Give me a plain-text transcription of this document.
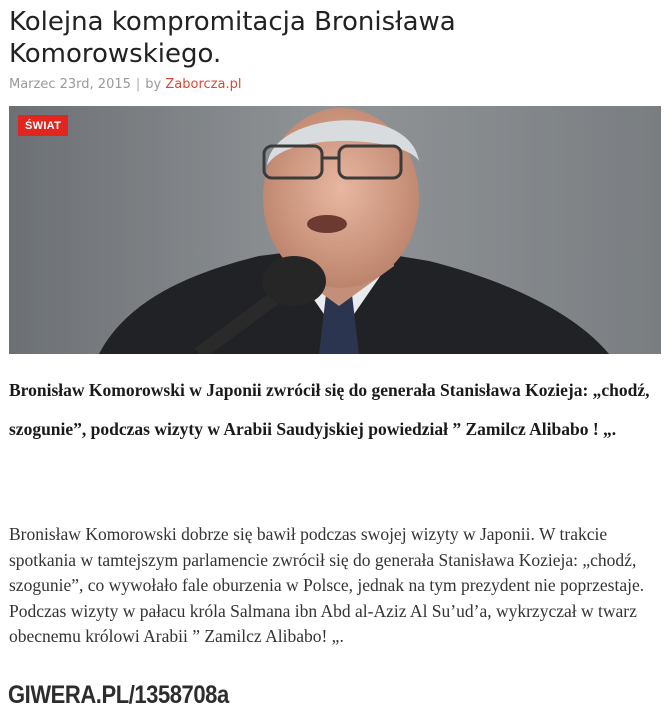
Kolejna kompromitacja Bronisława Komorowskiego.
Marzec 23rd, 2015 | by Zaborcza.pl
ŚWIAT

Bronisław Komorowski w Japonii zwrócił się do generała Stanisława Kozieja: „chodź, szogunie”, podczas wizyty w Arabii Saudyjskiej powiedział ” Zamilcz Alibabo ! „.

Bronisław Komorowski dobrze się bawił podczas swojej wizyty w Japonii. W trakcie spotkania w tamtejszym parlamencie zwrócił się do generała Stanisława Kozieja: „chodź, szogunie”, co wywołało fale oburzenia w Polsce, jednak na tym prezydent nie poprzestaje. Podczas wizyty w pałacu króla Salmana ibn Abd al-Aziz Al Su’ud’a, wykrzyczał w twarz obecnemu królowi Arabii ” Zamilcz Alibabo! „.

GIWERA.PL/1358708a
